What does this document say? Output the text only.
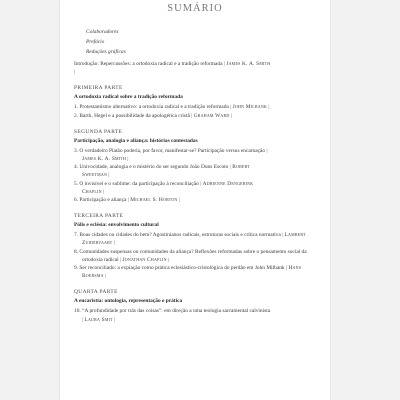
SUMÁRIO
Colaboradores
Prefácio
Reduções gráficas
Introdução: Repercussões: a ortodoxia radical e a tradição reformada | James K. A. Smith
|
PRIMEIRA PARTE
A ortodoxia radical sobre a tradição reformada
1. Protestantismo alternativo: a ortodoxia radical e a tradição reformada | John Milbank |
2. Barth, Hegel e a possibilidade da apologética cristã | Graham Ward |
SEGUNDA PARTE
Participação, analogia e aliança: histórias contestadas
3. O verdadeiro Platão poderia, por favor, manifestar-se? Participação versus encarnação |
James K. A. Smith |
4. Univocidade, analogia e o mistério do ser segundo João Duns Escoto | Robert
Sweetman |
5. O invisível e o sublime: da participação à reconciliação | Adrienne Dengerink
Chaplin |
6. Participação e aliança | Michael S. Horton |
TERCEIRA PARTE
Pólis e eclésia: envolvimento cultural
7. Boas cidades ou cidades do bem? Agostinianos radicais, estruturas sociais e crítica normativa | Lambert Zuidervaart |
8. Comunidades suspensas ou comunidades da aliança? Reflexões reformadas sobre o pensamento social da ortodoxia radical | Jonathan Chaplin |
9. Ser reconciliado: a expiação como prática eclesiástico-cristológica do perdão em John Milbank | Hans Boersma |
QUARTA PARTE
A eucaristia: ontologia, representação e prática
10. “A profundidade por trás das coisas”: em direção a uma teologia sacramental calvinista
| Laura Smit |
